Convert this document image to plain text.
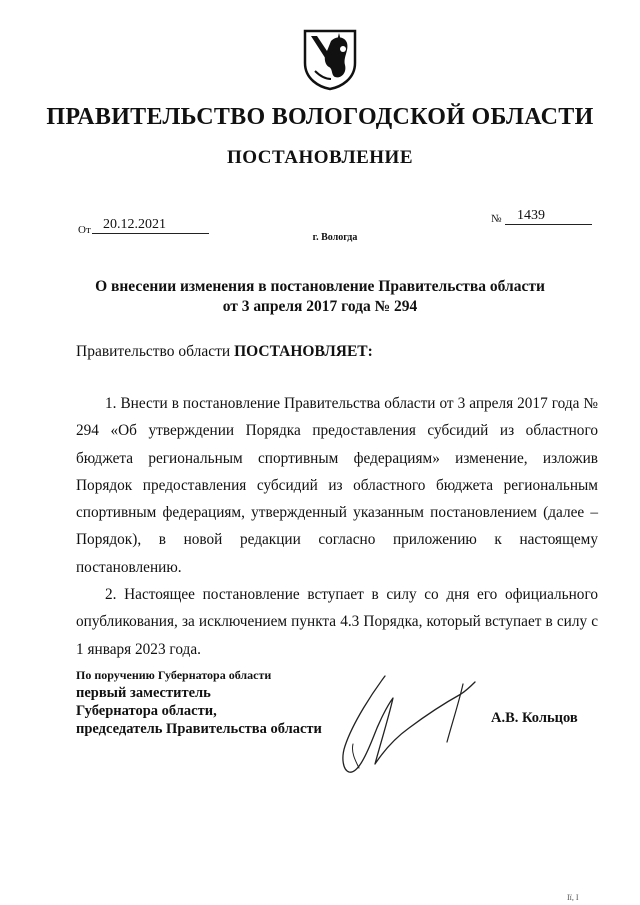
ПРАВИТЕЛЬСТВО ВОЛОГОДСКОЙ ОБЛАСТИ
ПОСТАНОВЛЕНИЕ
От 20.12.2021	№ 1439
г. Вологда
О внесении изменения в постановление Правительства области
от 3 апреля 2017 года № 294
Правительство области ПОСТАНОВЛЯЕТ:

1. Внести в постановление Правительства области от 3 апреля 2017 года № 294 «Об утверждении Порядка предоставления субсидий из областного бюджета региональным спортивным федерациям» изменение, изложив Порядок предоставления субсидий из областного бюджета региональным спортивным федерациям, утвержденный указанным постановлением (далее – Порядок), в новой редакции согласно приложению к настоящему постановлению.

2. Настоящее постановление вступает в силу со дня его официального опубликования, за исключением пункта 4.3 Порядка, который вступает в силу с 1 января 2023 года.

По поручению Губернатора области
первый заместитель
Губернатора области,
председатель Правительства области
А.В. Кольцов
Iï, I
